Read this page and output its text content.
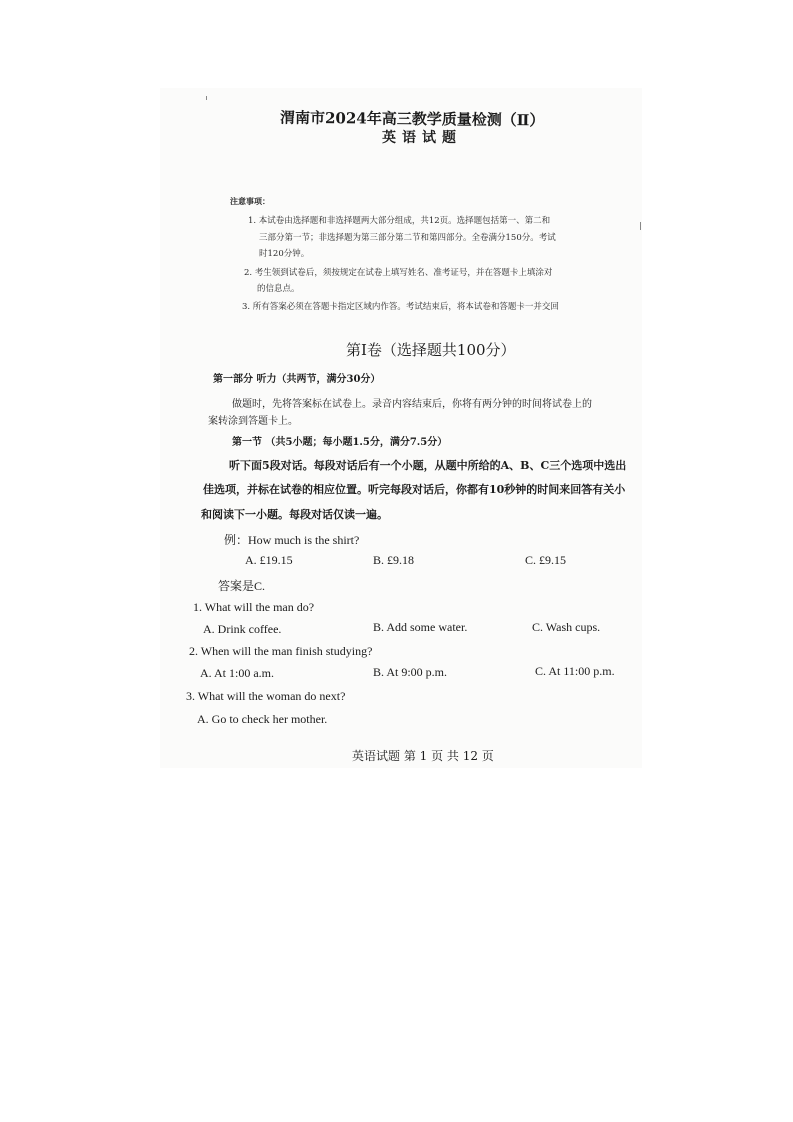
渭南市2024年高三教学质量检测（Ⅱ）
英语试题
注意事项：
1. 本试卷由选择题和非选择题两大部分组成，共12页。选择题包括第一、第二和
三部分第一节；非选择题为第三部分第二节和第四部分。全卷满分150分。考试
时120分钟。
2. 考生领到试卷后，须按规定在试卷上填写姓名、准考证号，并在答题卡上填涂对
的信息点。
3. 所有答案必须在答题卡指定区域内作答。考试结束后，将本试卷和答题卡一并交回
第Ⅰ卷（选择题共100分）
第一部分 听力（共两节，满分30分）
做题时，先将答案标在试卷上。录音内容结束后，你将有两分钟的时间将试卷上的
案转涂到答题卡上。
第一节 （共5小题；每小题1.5分，满分7.5分）
听下面5段对话。每段对话后有一个小题，从题中所给的A、B、C三个选项中选出
佳选项，并标在试卷的相应位置。听完每段对话后，你都有10秒钟的时间来回答有关小
和阅读下一小题。每段对话仅读一遍。
例：How much is the shirt?
A. £19.15	B. £9.18	C. £9.15
答案是C.
1. What will the man do?
A. Drink coffee.	B. Add some water.	C. Wash cups.
2. When will the man finish studying?
A. At 1:00 a.m.	B. At 9:00 p.m.	C. At 11:00 p.m.
3. What will the woman do next?
A. Go to check her mother.
英语试题 第 1 页 共 12 页
